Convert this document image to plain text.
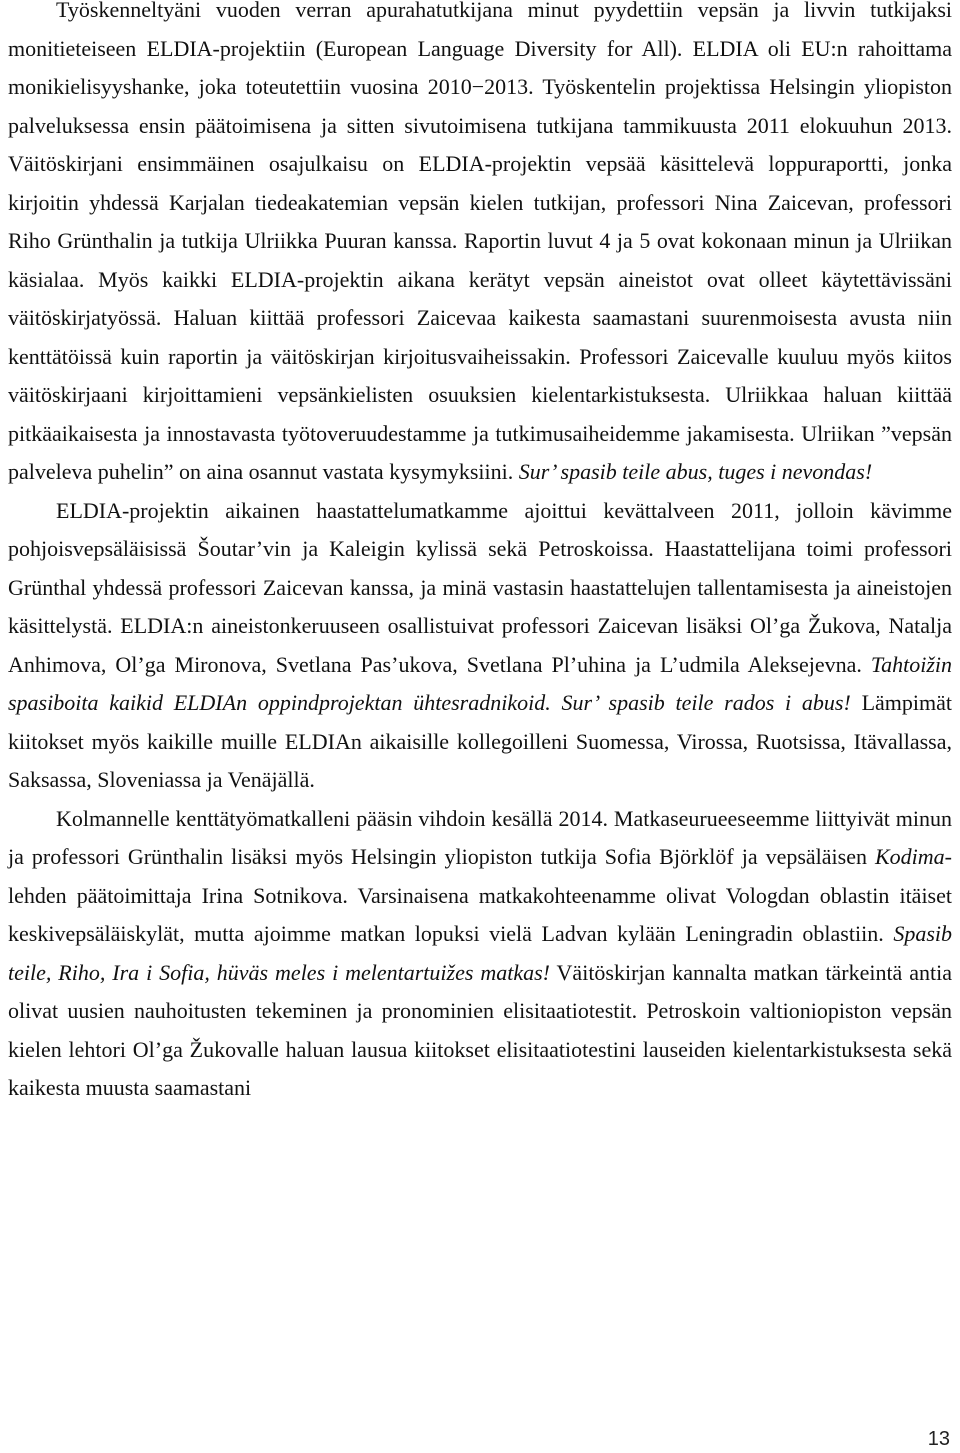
Työskenneltyäni vuoden verran apurahatutkijana minut pyydettiin vepsän ja livvin tutkijaksi monitieteiseen ELDIA-projektiin (European Language Diversity for All). ELDIA oli EU:n rahoittama monikielisyyshanke, joka toteutettiin vuosina 2010−2013. Työskentelin projektissa Helsingin yliopiston palveluksessa ensin päätoimisena ja sitten sivutoimisena tutkijana tammikuusta 2011 elokuuhun 2013. Väitöskirjani ensimmäinen osajulkaisu on ELDIA-projektin vepsää käsittelevä loppuraportti, jonka kirjoitin yhdessä Karjalan tiedeakatemian vepsän kielen tutkijan, professori Nina Zaicevan, professori Riho Grünthalin ja tutkija Ulriikka Puuran kanssa. Raportin luvut 4 ja 5 ovat kokonaan minun ja Ulriikan käsialaa. Myös kaikki ELDIA-projektin aikana kerätyt vepsän aineistot ovat olleet käytettävissäni väitöskirjatyössä. Haluan kiittää professori Zaicevaa kaikesta saamastani suurenmoisesta avusta niin kenttätöissä kuin raportin ja väitöskirjan kirjoitusvaiheissakin. Professori Zaicevalle kuuluu myös kiitos väitöskirjaani kirjoittamieni vepsänkielisten osuuksien kielentarkistuksesta. Ulriikkaa haluan kiittää pitkäaikaisesta ja innostavasta työtoveruudestamme ja tutkimusaiheidemme jakamisesta. Ulriikan ”vepsän palveleva puhelin” on aina osannut vastata kysymyksiini. Sur’ spasib teile abus, tuges i nevondas!

ELDIA-projektin aikainen haastattelumatkamme ajoittui kevättalveen 2011, jolloin kävimme pohjoisvepsäläisissä Šoutar’vin ja Kaleigin kylissä sekä Petroskoissa. Haastattelijana toimi professori Grünthal yhdessä professori Zaicevan kanssa, ja minä vastasin haastattelujen tallentamisesta ja aineistojen käsittelystä. ELDIA:n aineistonkeruuseen osallistuivat professori Zaicevan lisäksi Ol’ga Žukova, Natalja Anhimova, Ol’ga Mironova, Svetlana Pas’ukova, Svetlana Pl’uhina ja L’udmila Aleksejevna. Tahtoižin spasiboita kaikid ELDIAn oppindprojektan ühtesradnikoid. Sur’ spasib teile rados i abus! Lämpimät kiitokset myös kaikille muille ELDIAn aikaisille kollegoilleni Suomessa, Virossa, Ruotsissa, Itävallassa, Saksassa, Sloveniassa ja Venäjällä.

Kolmannelle kenttätyömatkalleni pääsin vihdoin kesällä 2014. Matkaseurueeseemme liittyivät minun ja professori Grünthalin lisäksi myös Helsingin yliopiston tutkija Sofia Björklöf ja vepsäläisen Kodima-lehden päätoimittaja Irina Sotnikova. Varsinaisena matkakohteenamme olivat Vologdan oblastin itäiset keskivepsäläiskylät, mutta ajoimme matkan lopuksi vielä Ladvan kylään Leningradin oblastiin. Spasib teile, Riho, Ira i Sofia, hüväs meles i melentartuižes matkas! Väitöskirjan kannalta matkan tärkeintä antia olivat uusien nauhoitusten tekeminen ja pronominien elisitaatiotestit. Petroskoin valtioniopiston vepsän kielen lehtori Ol’ga Žukovalle haluan lausua kiitokset elisitaatiotestini lauseiden kielentarkistuksesta sekä kaikesta muusta saamastani

13
